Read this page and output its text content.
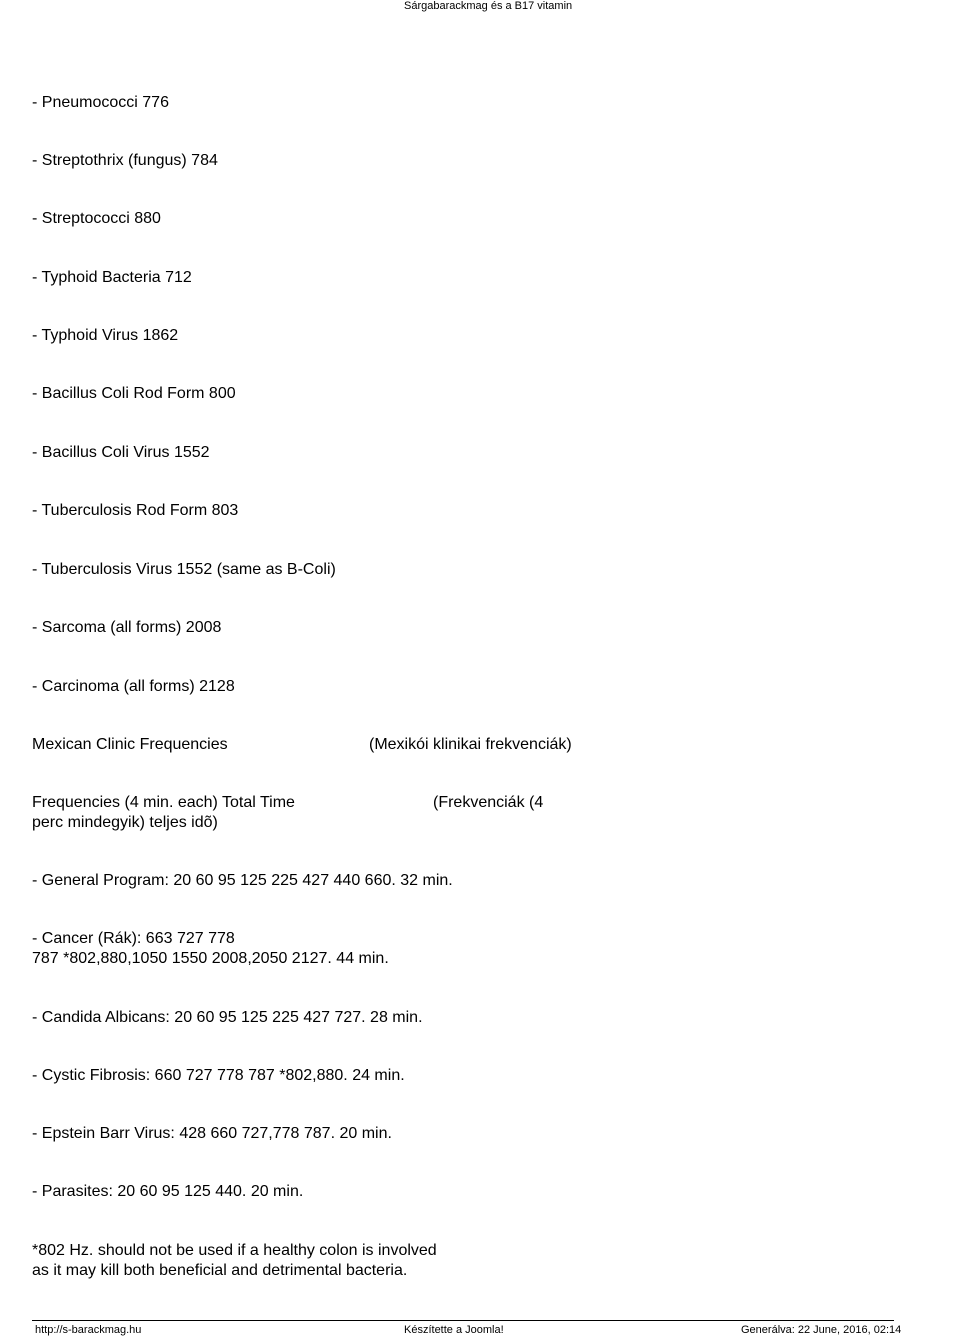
Sárgabarackmag és a B17 vitamin
- Pneumococci 776
- Streptothrix (fungus) 784
- Streptococci 880
- Typhoid Bacteria 712
- Typhoid Virus 1862
- Bacillus Coli Rod Form 800
- Bacillus Coli Virus 1552
- Tuberculosis Rod Form 803
- Tuberculosis Virus 1552 (same as B-Coli)
- Sarcoma (all forms) 2008
- Carcinoma (all forms) 2128
Mexican Clinic Frequencies	(Mexikói klinikai frekvenciák)
Frequencies (4 min. each) Total Time	(Frekvenciák (4
perc mindegyik) teljes idõ)
- General Program: 20 60 95 125 225 427 440 660. 32 min.
- Cancer (Rák): 663 727 778
787 *802,880,1050 1550 2008,2050 2127. 44 min.
- Candida Albicans: 20 60 95 125 225 427 727. 28 min.
- Cystic Fibrosis: 660 727 778 787 *802,880. 24 min.
- Epstein Barr Virus: 428 660 727,778 787. 20 min.
- Parasites: 20 60 95 125 440. 20 min.
*802 Hz. should not be used if a healthy colon is involved
as it may kill both beneficial and detrimental bacteria.
http://s-barackmag.hu	Készítette a Joomla!	Generálva: 22 June, 2016, 02:14
